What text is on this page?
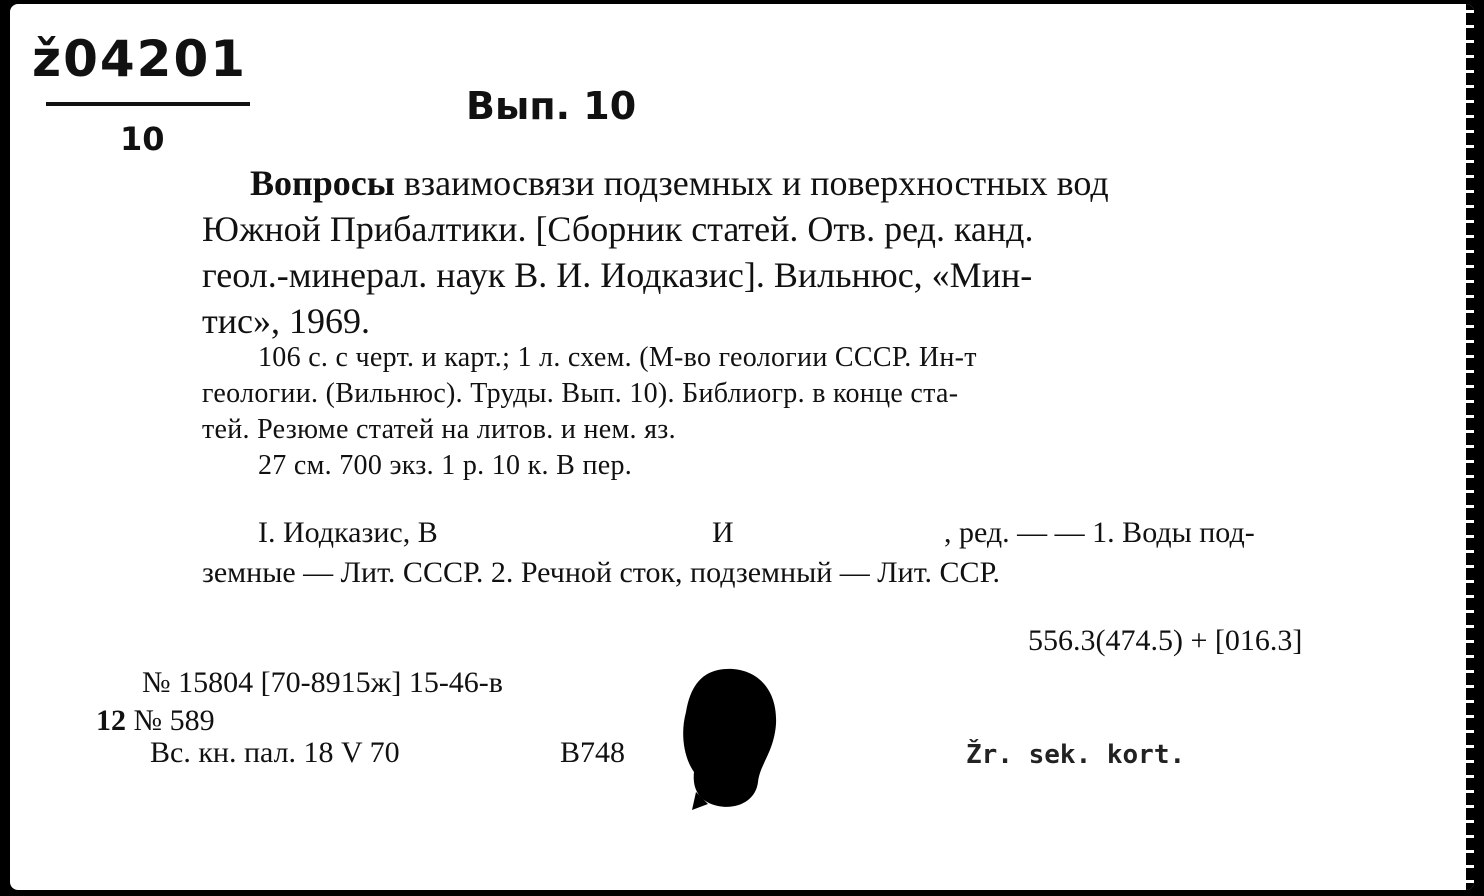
ž04201
10
Вып. 10
Вопросы взаимосвязи подземных и поверхностных вод
Южной Прибалтики. [Сборник статей. Отв. ред. канд.
геол.-минерал. наук В. И. Иодказис]. Вильнюс, «Мин-
тис», 1969.
106 с. с черт. и карт.; 1 л. схем. (М-во геологии СССР. Ин-т
геологии. (Вильнюс). Труды. Вып. 10). Библиогр. в конце ста-
тей. Резюме статей на литов. и нем. яз.
27 см. 700 экз. 1 р. 10 к. В пер.
I. Иодказис, В	И	, ред. — — 1. Воды под-
земные — Лит. СССР. 2. Речной сток, подземный — Лит. ССР.
556.3(474.5) + [016.3]
№ 15804 [70-8915ж] 15-46-в
12 № 589
Вс. кн. пал. 18 V 70	В748	Žr. sek. kort.
